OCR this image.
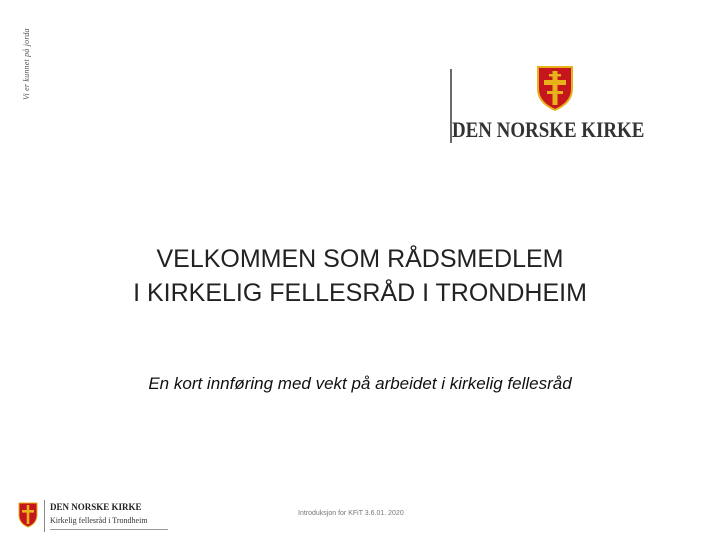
Vi er kunnet på jorda
DEN NORSKE KIRKE
VELKOMMEN SOM RÅDSMEDLEM
I KIRKELIG FELLESRÅD I TRONDHEIM
En kort innføring med vekt på arbeidet i kirkelig fellesråd
DEN NORSKE KIRKE
Kirkelig fellesråd i Trondheim
Introduksjon for KFiT 3.6.01. 2020
